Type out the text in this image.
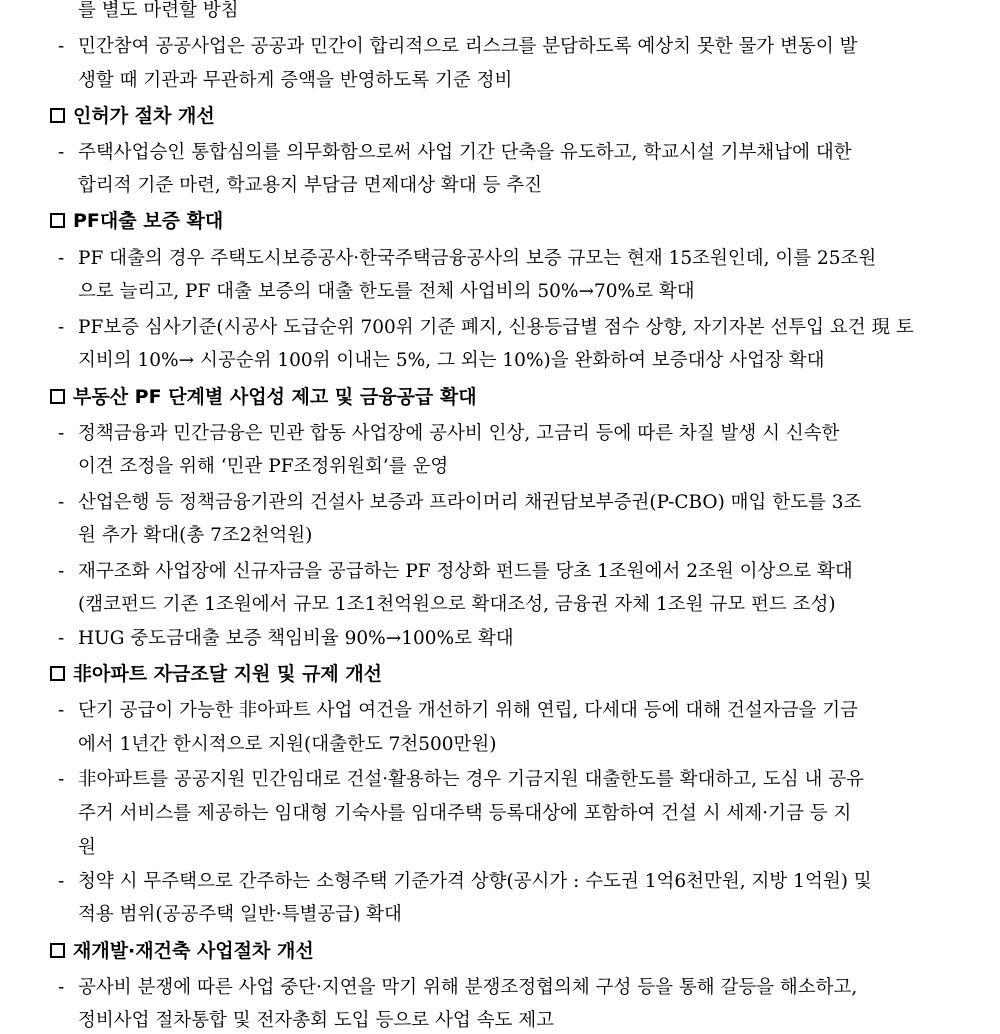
를 별도 마련할 방침
- 민간참여 공공사업은 공공과 민간이 합리적으로 리스크를 분담하도록 예상치 못한 물가 변동이 발
생할 때 기관과 무관하게 증액을 반영하도록 기준 정비
인허가 절차 개선
- 주택사업승인 통합심의를 의무화함으로써 사업 기간 단축을 유도하고, 학교시설 기부채납에 대한
합리적 기준 마련, 학교용지 부담금 면제대상 확대 등 추진
PF대출 보증 확대
- PF 대출의 경우 주택도시보증공사·한국주택금융공사의 보증 규모는 현재 15조원인데, 이를 25조원
으로 늘리고, PF 대출 보증의 대출 한도를 전체 사업비의 50%→70%로 확대
- PF보증 심사기준(시공사 도급순위 700위 기준 폐지, 신용등급별 점수 상향, 자기자본 선투입 요건 現 토
지비의 10%→ 시공순위 100위 이내는 5%, 그 외는 10%)을 완화하여 보증대상 사업장 확대
부동산 PF 단계별 사업성 제고 및 금융공급 확대
- 정책금융과 민간금융은 민관 합동 사업장에 공사비 인상, 고금리 등에 따른 차질 발생 시 신속한
이견 조정을 위해 ‘민관 PF조정위원회’를 운영
- 산업은행 등 정책금융기관의 건설사 보증과 프라이머리 채권담보부증권(P-CBO) 매입 한도를 3조
원 추가 확대(총 7조2천억원)
- 재구조화 사업장에 신규자금을 공급하는 PF 정상화 펀드를 당초 1조원에서 2조원 이상으로 확대
(캠코펀드 기존 1조원에서 규모 1조1천억원으로 확대조성, 금융권 자체 1조원 규모 펀드 조성)
- HUG 중도금대출 보증 책임비율 90%→100%로 확대
非아파트 자금조달 지원 및 규제 개선
- 단기 공급이 가능한 非아파트 사업 여건을 개선하기 위해 연립, 다세대 등에 대해 건설자금을 기금
에서 1년간 한시적으로 지원(대출한도 7천500만원)
- 非아파트를 공공지원 민간임대로 건설·활용하는 경우 기금지원 대출한도를 확대하고, 도심 내 공유
주거 서비스를 제공하는 임대형 기숙사를 임대주택 등록대상에 포함하여 건설 시 세제·기금 등 지
원
- 청약 시 무주택으로 간주하는 소형주택 기준가격 상향(공시가 : 수도권 1억6천만원, 지방 1억원) 및
적용 범위(공공주택 일반·특별공급) 확대
재개발·재건축 사업절차 개선
- 공사비 분쟁에 따른 사업 중단·지연을 막기 위해 분쟁조정협의체 구성 등을 통해 갈등을 해소하고,
정비사업 절차통합 및 전자총회 도입 등으로 사업 속도 제고
